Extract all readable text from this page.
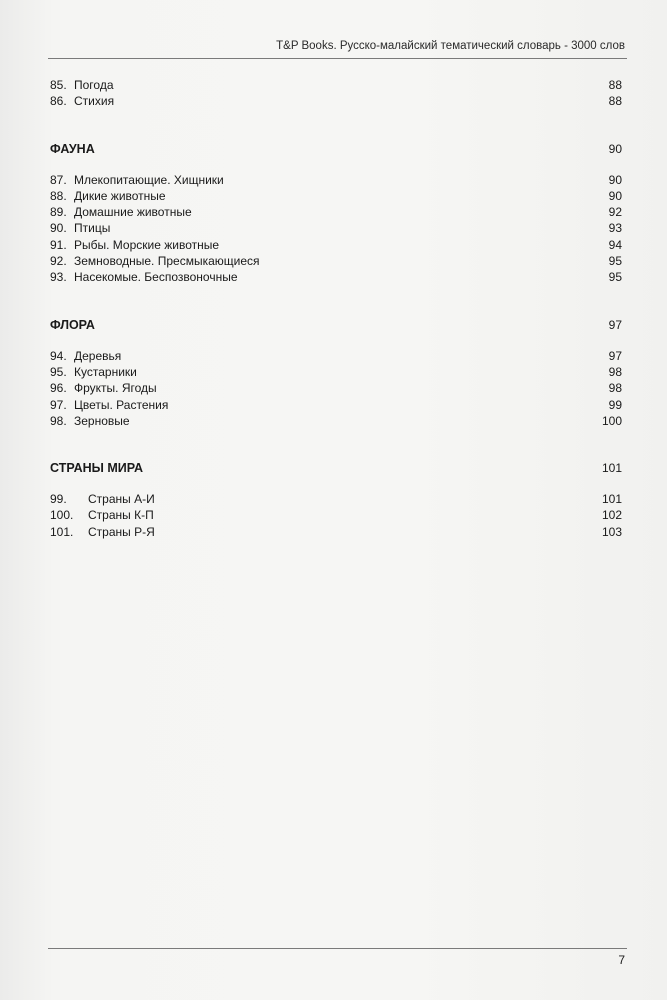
T&P Books. Русско-малайский тематический словарь - 3000 слов
85. Погода	88
86. Стихия	88
ФАУНА	90
87. Млекопитающие. Хищники	90
88. Дикие животные	90
89. Домашние животные	92
90. Птицы	93
91. Рыбы. Морские животные	94
92. Земноводные. Пресмыкающиеся	95
93. Насекомые. Беспозвоночные	95
ФЛОРА	97
94. Деревья	97
95. Кустарники	98
96. Фрукты. Ягоды	98
97. Цветы. Растения	99
98. Зерновые	100
СТРАНЫ МИРА	101
99.	Страны А-И	101
100.	Страны К-П	102
101.	Страны Р-Я	103
7
